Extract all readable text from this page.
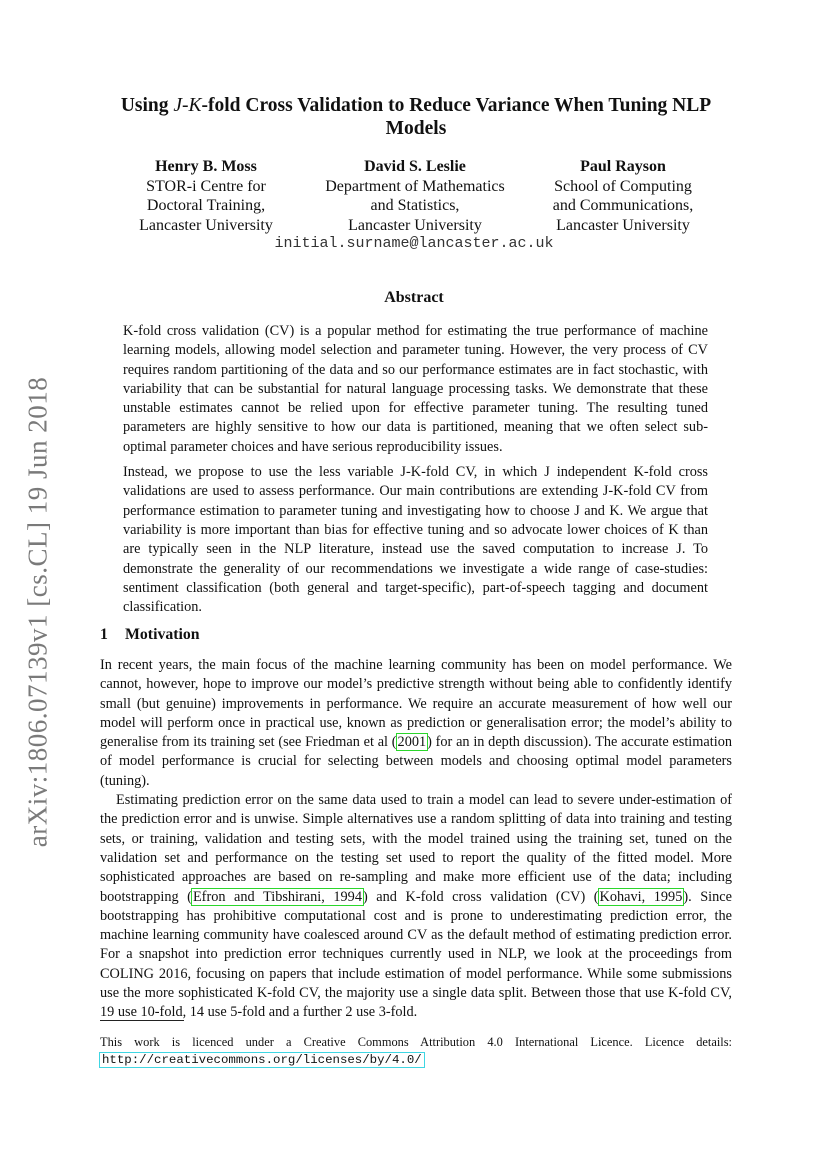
arXiv:1806.07139v1 [cs.CL] 19 Jun 2018
Using J-K-fold Cross Validation to Reduce Variance When Tuning NLP Models
Henry B. Moss
STOR-i Centre for
Doctoral Training,
Lancaster University
David S. Leslie
Department of Mathematics
and Statistics,
Lancaster University
Paul Rayson
School of Computing
and Communications,
Lancaster University
initial.surname@lancaster.ac.uk
Abstract

K-fold cross validation (CV) is a popular method for estimating the true performance of machine learning models, allowing model selection and parameter tuning. However, the very process of CV requires random partitioning of the data and so our performance estimates are in fact stochastic, with variability that can be substantial for natural language processing tasks. We demonstrate that these unstable estimates cannot be relied upon for effective parameter tuning. The resulting tuned parameters are highly sensitive to how our data is partitioned, meaning that we often select sub-optimal parameter choices and have serious reproducibility issues.

Instead, we propose to use the less variable J-K-fold CV, in which J independent K-fold cross validations are used to assess performance. Our main contributions are extending J-K-fold CV from performance estimation to parameter tuning and investigating how to choose J and K. We argue that variability is more important than bias for effective tuning and so advocate lower choices of K than are typically seen in the NLP literature, instead use the saved computation to increase J. To demonstrate the generality of our recommendations we investigate a wide range of case-studies: sentiment classification (both general and target-specific), part-of-speech tagging and document classification.

1 Motivation

In recent years, the main focus of the machine learning community has been on model performance. We cannot, however, hope to improve our model’s predictive strength without being able to confidently identify small (but genuine) improvements in performance. We require an accurate measurement of how well our model will perform once in practical use, known as prediction or generalisation error; the model’s ability to generalise from its training set (see Friedman et al (2001) for an in depth discussion). The accurate estimation of model performance is crucial for selecting between models and choosing optimal model parameters (tuning).

Estimating prediction error on the same data used to train a model can lead to severe under-estimation of the prediction error and is unwise. Simple alternatives use a random splitting of data into training and testing sets, or training, validation and testing sets, with the model trained using the training set, tuned on the validation set and performance on the testing set used to report the quality of the fitted model. More sophisticated approaches are based on re-sampling and make more efficient use of the data; including bootstrapping (Efron and Tibshirani, 1994) and K-fold cross validation (CV) (Kohavi, 1995). Since bootstrapping has prohibitive computational cost and is prone to underestimating prediction error, the machine learning community have coalesced around CV as the default method of estimating prediction error. For a snapshot into prediction error techniques currently used in NLP, we look at the proceedings from COLING 2016, focusing on papers that include estimation of model performance. While some submissions use the more sophisticated K-fold CV, the majority use a single data split. Between those that use K-fold CV, 19 use 10-fold, 14 use 5-fold and a further 2 use 3-fold.

This work is licenced under a Creative Commons Attribution 4.0 International Licence. Licence details: http://creativecommons.org/licenses/by/4.0/
